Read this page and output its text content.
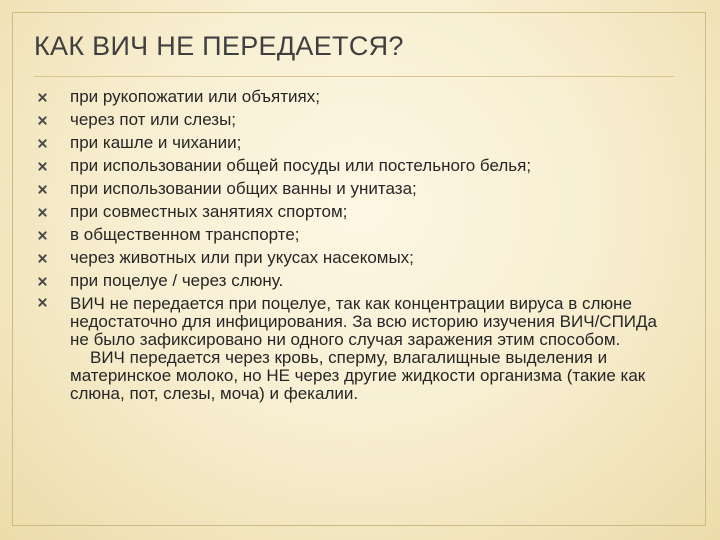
КАК ВИЧ НЕ ПЕРЕДАЕТСЯ?
при рукопожатии или объятиях;
через пот или слезы;
при кашле и чихании;
при использовании общей посуды или постельного белья;
при использовании общих ванны и унитаза;
при совместных занятиях спортом;
в общественном транспорте;
через животных или при укусах насекомых;
при поцелуе / через слюну.
ВИЧ не передается при поцелуе, так как концентрации вируса в слюне недостаточно для инфицирования. За всю историю изучения ВИЧ/СПИДа не было зафиксировано ни одного случая заражения этим способом.
ВИЧ передается через кровь, сперму, влагалищные выделения и материнское молоко, но НЕ через другие жидкости организма (такие как слюна, пот, слезы, моча) и фекалии.
